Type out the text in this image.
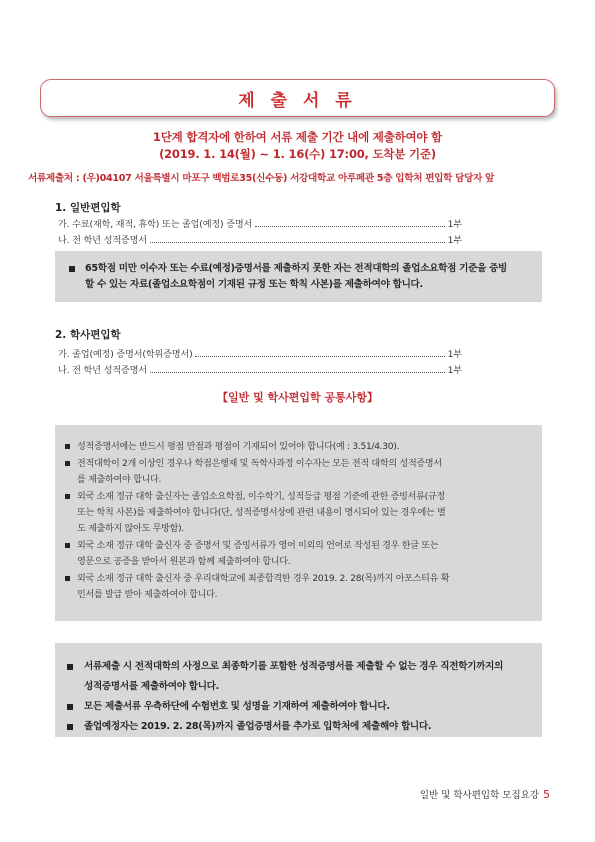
제 출 서 류
1단계 합격자에 한하여 서류 제출 기간 내에 제출하여야 함
(2019. 1. 14(월) ~ 1. 16(수) 17:00, 도착분 기준)
서류제출처 : (우)04107 서울특별시 마포구 백범로35(신수동) 서강대학교 아루페관 5층 입학처 편입학 담당자 앞
1. 일반편입학
가. 수료(재학, 재적, 휴학) 또는 졸업(예정) 증명서	1부
나. 전 학년 성적증명서	1부
65학점 미만 이수자 또는 수료(예정)증명서를 제출하지 못한 자는 전적대학의 졸업소요학점 기준을 증빙
할 수 있는 자료(졸업소요학점이 기재된 규정 또는 학칙 사본)를 제출하여야 합니다.
2. 학사편입학
가. 졸업(예정) 증명서(학위증명서)	1부
나. 전 학년 성적증명서	1부
【일반 및 학사편입학 공통사항】
성적증명서에는 반드시 평점 만점과 평점이 기재되어 있어야 합니다(예 : 3.51/4.30).
전적대학이 2개 이상인 경우나 학점은행제 및 독학사과정 이수자는 모든 전적 대학의 성적증명서
를 제출하여야 합니다.
외국 소재 정규 대학 출신자는 졸업소요학점, 이수학기, 성적등급 평점 기준에 관한 증빙서류(규정
또는 학칙 사본)를 제출하여야 합니다(단, 성적증명서상에 관련 내용이 명시되어 있는 경우에는 별
도 제출하지 않아도 무방함).
외국 소재 정규 대학 출신자 중 증명서 및 증빙서류가 영어 이외의 언어로 작성된 경우 한글 또는
영문으로 공증을 받아서 원본과 함께 제출하여야 합니다.
외국 소재 정규 대학 출신자 중 우리대학교에 최종합격한 경우 2019. 2. 28(목)까지 아포스티유 확
인서를 발급 받아 제출하여야 합니다.
서류제출 시 전적대학의 사정으로 최종학기를 포함한 성적증명서를 제출할 수 없는 경우 직전학기까지의
성적증명서를 제출하여야 합니다.
모든 제출서류 우측하단에 수험번호 및 성명을 기재하여 제출하여야 합니다.
졸업예정자는 2019. 2. 28(목)까지 졸업증명서를 추가로 입학처에 제출해야 합니다.
일반 및 학사편입학 모집요강 5
